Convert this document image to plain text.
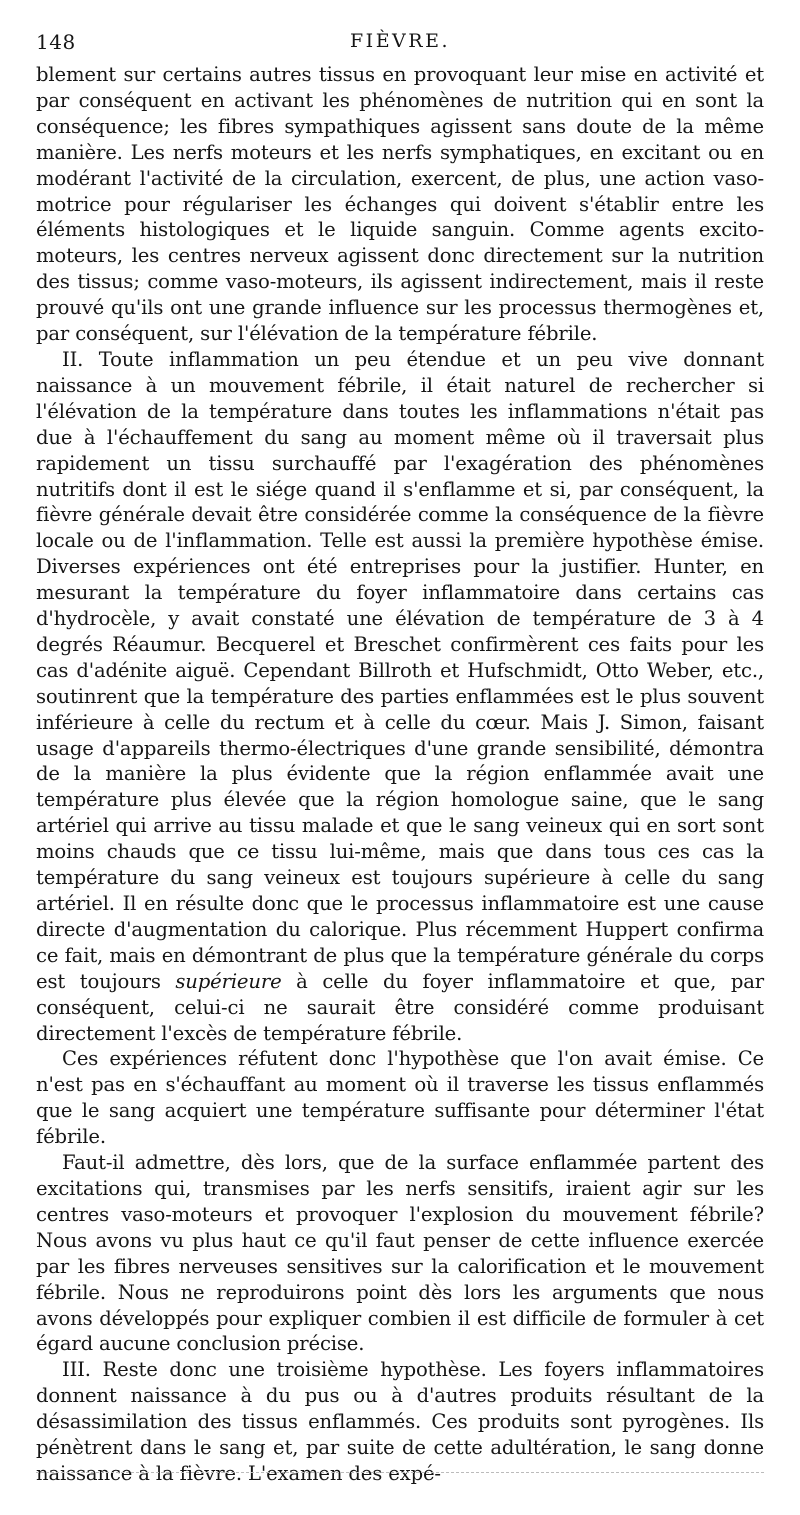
148	FIÈVRE.

blement sur certains autres tissus en provoquant leur mise en activité et par conséquent en activant les phénomènes de nutrition qui en sont la conséquence; les fibres sympathiques agissent sans doute de la même manière. Les nerfs moteurs et les nerfs symphatiques, en excitant ou en modérant l'activité de la circulation, exercent, de plus, une action vaso-motrice pour régulariser les échanges qui doivent s'établir entre les éléments histologiques et le liquide sanguin. Comme agents excito-moteurs, les centres nerveux agissent donc directement sur la nutrition des tissus; comme vaso-moteurs, ils agissent indirectement, mais il reste prouvé qu'ils ont une grande influence sur les processus thermogènes et, par conséquent, sur l'élévation de la température fébrile.

II. Toute inflammation un peu étendue et un peu vive donnant naissance à un mouvement fébrile, il était naturel de rechercher si l'élévation de la température dans toutes les inflammations n'était pas due à l'échauffement du sang au moment même où il traversait plus rapidement un tissu surchauffé par l'exagération des phénomènes nutritifs dont il est le siége quand il s'enflamme et si, par conséquent, la fièvre générale devait être considérée comme la conséquence de la fièvre locale ou de l'inflammation. Telle est aussi la première hypothèse émise. Diverses expériences ont été entreprises pour la justifier. Hunter, en mesurant la température du foyer inflammatoire dans certains cas d'hydrocèle, y avait constaté une élévation de température de 3 à 4 degrés Réaumur. Becquerel et Breschet confirmèrent ces faits pour les cas d'adénite aiguë. Cependant Billroth et Hufschmidt, Otto Weber, etc., soutinrent que la température des parties enflammées est le plus souvent inférieure à celle du rectum et à celle du cœur. Mais J. Simon, faisant usage d'appareils thermo-électriques d'une grande sensibilité, démontra de la manière la plus évidente que la région enflammée avait une température plus élevée que la région homologue saine, que le sang artériel qui arrive au tissu malade et que le sang veineux qui en sort sont moins chauds que ce tissu lui-même, mais que dans tous ces cas la température du sang veineux est toujours supérieure à celle du sang artériel. Il en résulte donc que le processus inflammatoire est une cause directe d'augmentation du calorique. Plus récemment Huppert confirma ce fait, mais en démontrant de plus que la température générale du corps est toujours supérieure à celle du foyer inflammatoire et que, par conséquent, celui-ci ne saurait être considéré comme produisant directement l'excès de température fébrile.

Ces expériences réfutent donc l'hypothèse que l'on avait émise. Ce n'est pas en s'échauffant au moment où il traverse les tissus enflammés que le sang acquiert une température suffisante pour déterminer l'état fébrile.

Faut-il admettre, dès lors, que de la surface enflammée partent des excitations qui, transmises par les nerfs sensitifs, iraient agir sur les centres vaso-moteurs et provoquer l'explosion du mouvement fébrile? Nous avons vu plus haut ce qu'il faut penser de cette influence exercée par les fibres nerveuses sensitives sur la calorification et le mouvement fébrile. Nous ne reproduirons point dès lors les arguments que nous avons développés pour expliquer combien il est difficile de formuler à cet égard aucune conclusion précise.

III. Reste donc une troisième hypothèse. Les foyers inflammatoires donnent naissance à du pus ou à d'autres produits résultant de la désassimilation des tissus enflammés. Ces produits sont pyrogènes. Ils pénètrent dans le sang et, par suite de cette adultération, le sang donne naissance à la fièvre. L'examen des expé-
